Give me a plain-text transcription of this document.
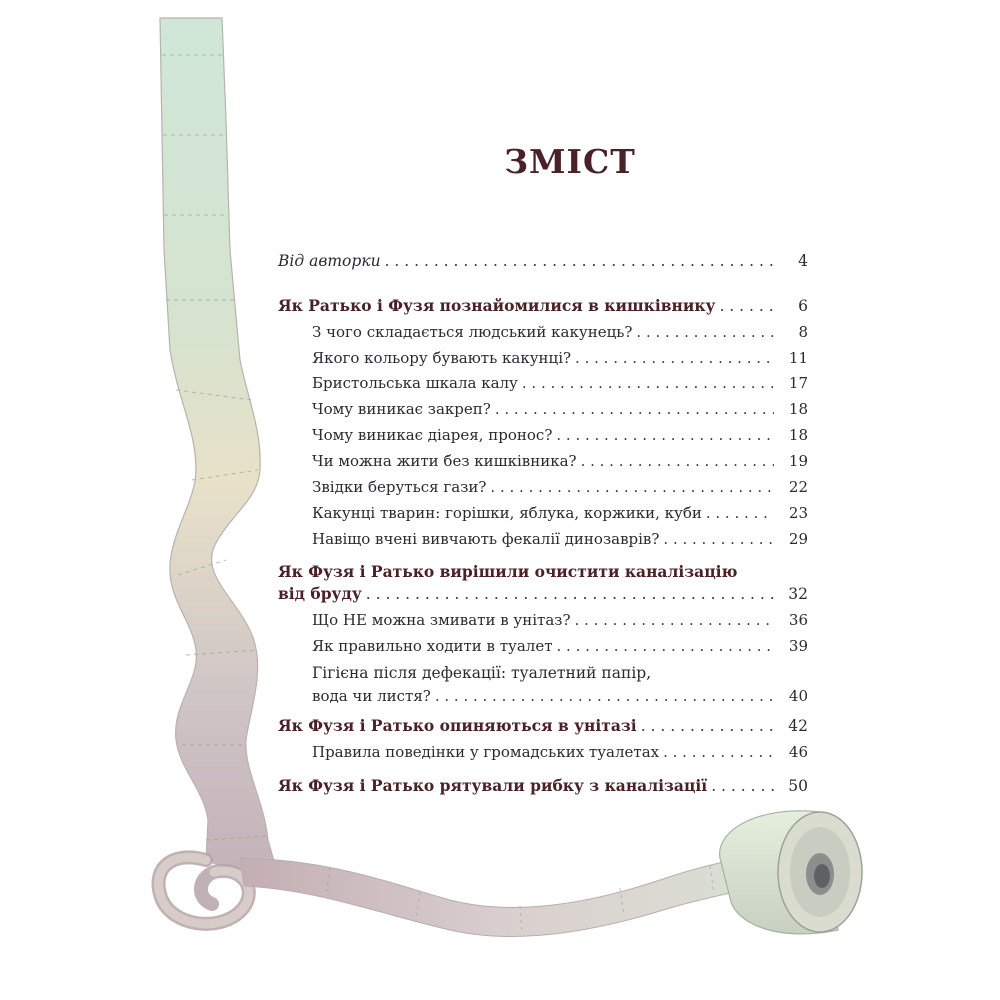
ЗМІСТ
Від авторки . . .	4
Як Ратько і Фузя познайомилися в кишківнику . . .	6
З чого складається людський какунець? . . .	8
Якого кольору бувають какунці? . . .	11
Бристольська шкала калу . . .	17
Чому виникає закреп? . . .	18
Чому виникає діарея, пронос? . . .	18
Чи можна жити без кишківника? . . .	19
Звідки беруться гази? . . .	22
Какунці тварин: горішки, яблука, коржики, куби . . .	23
Навіщо вчені вивчають фекалії динозаврів? . . .	29
Як Фузя і Ратько вирішили очистити каналізацію
від бруду . . .	32
Що НЕ можна змивати в унітаз? . . .	36
Як правильно ходити в туалет . . .	39
Гігієна після дефекації: туалетний папір,
вода чи листя? . . .	40
Як Фузя і Ратько опиняються в унітазі . . .	42
Правила поведінки у громадських туалетах . . .	46
Як Фузя і Ратько рятували рибку з каналізації . . .	50
